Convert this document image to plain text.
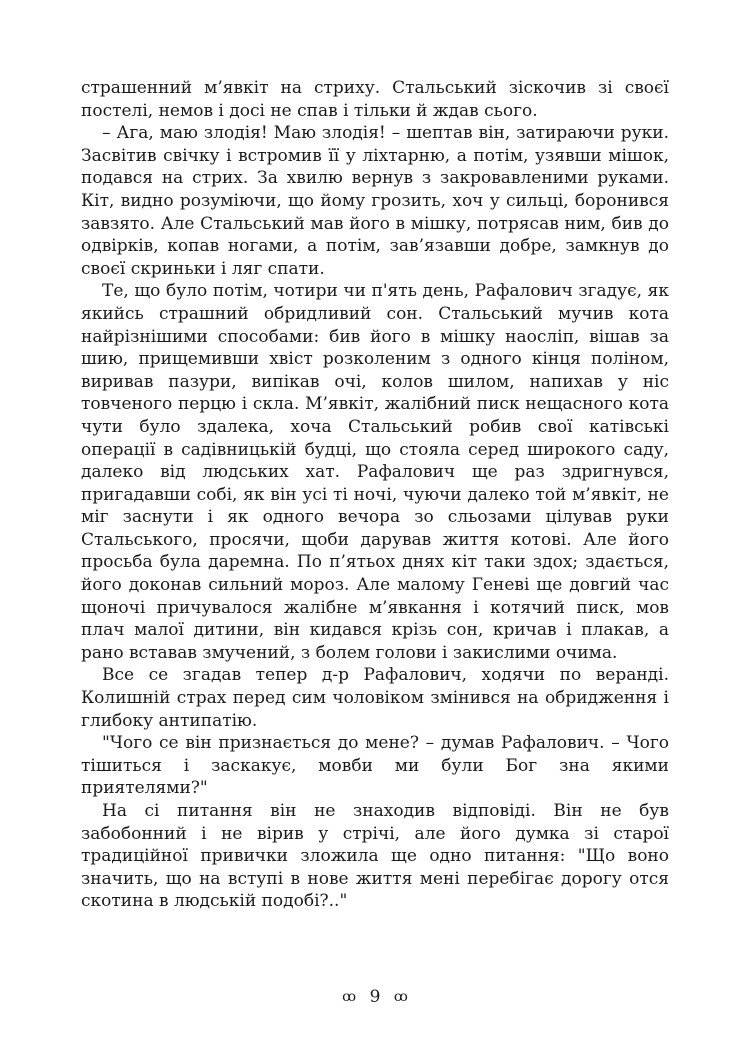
страшенний м’явкіт на стриху. Стальський зіскочив зі своєї постелі, немов і досі не спав і тільки й ждав сього.

– Ага, маю злодія! Маю злодія! – шептав він, затираючи руки. Засвітив свічку і встромив її у ліхтарню, а потім, узявши мішок, подався на стрих. За хвилю вернув з закровавленими руками. Кіт, видно розуміючи, що йому грозить, хоч у сильці, боронився завзято. Але Стальський мав його в мішку, потрясав ним, бив до одвірків, копав ногами, а потім, зав’язавши добре, замкнув до своєї скриньки і ляг спати.

Те, що було потім, чотири чи п'ять день, Рафалович згадує, як якийсь страшний обридливий сон. Стальський мучив кота найрізнішими способами: бив його в мішку наосліп, вішав за шию, прищемивши хвіст розколеним з одного кінця поліном, виривав пазури, випікав очі, колов шилом, напихав у ніс товченого перцю і скла. М’явкіт, жалібний писк нещасного кота чути було здалека, хоча Стальський робив свої катівські операції в садівницькій будці, що стояла серед широкого саду, далеко від людських хат. Рафалович ще раз здригнувся, пригадавши собі, як він усі ті ночі, чуючи далеко той м’явкіт, не міг заснути і як одного вечора зо сльозами цілував руки Стальського, просячи, щоби дарував життя котові. Але його просьба була даремна. По п’ятьох днях кіт таки здох; здається, його доконав сильний мороз. Але малому Геневі ще довгий час щоночі причувалося жалібне м’явкання і котячий писк, мов плач малої дитини, він кидався крізь сон, кричав і плакав, а рано вставав змучений, з болем голови і закислими очима.

Все се згадав тепер д-р Рафалович, ходячи по веранді. Колишній страх перед сим чоловіком змінився на обридження і глибоку антипатію.

"Чого се він признається до мене? – думав Рафалович. – Чого тішиться і заскакує, мовби ми були Бог зна якими приятелями?"

На сі питання він не знаходив відповіді. Він не був забобонний і не вірив у стрічі, але його думка зі старої традиційної привички зложила ще одно питання: "Що воно значить, що на вступі в нове життя мені перебігає дорогу отся скотина в людській подобі?.."

ꝏ 9 ꝏ
